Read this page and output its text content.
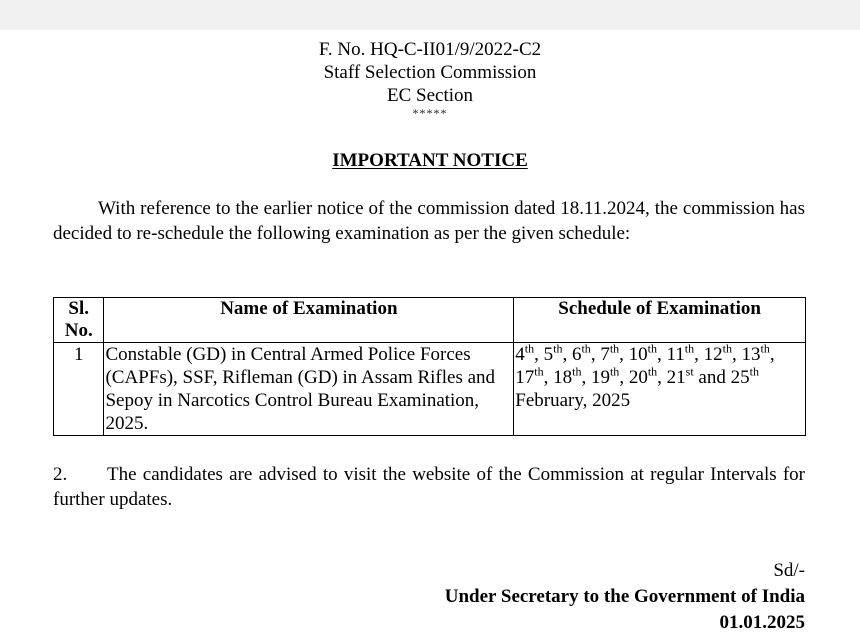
F. No. HQ-C-II01/9/2022-C2
Staff Selection Commission
EC Section
*****
IMPORTANT NOTICE
With reference to the earlier notice of the commission dated 18.11.2024, the commission has decided to re-schedule the following examination as per the given schedule:
Sl. No.	Name of Examination	Schedule of Examination
1	Constable (GD) in Central Armed Police Forces (CAPFs), SSF, Rifleman (GD) in Assam Rifles and Sepoy in Narcotics Control Bureau Examination, 2025.	4th, 5th, 6th, 7th, 10th, 11th, 12th, 13th, 17th, 18th, 19th, 20th, 21st and 25th February, 2025
2. The candidates are advised to visit the website of the Commission at regular Intervals for further updates.
Sd/-
Under Secretary to the Government of India
01.01.2025
